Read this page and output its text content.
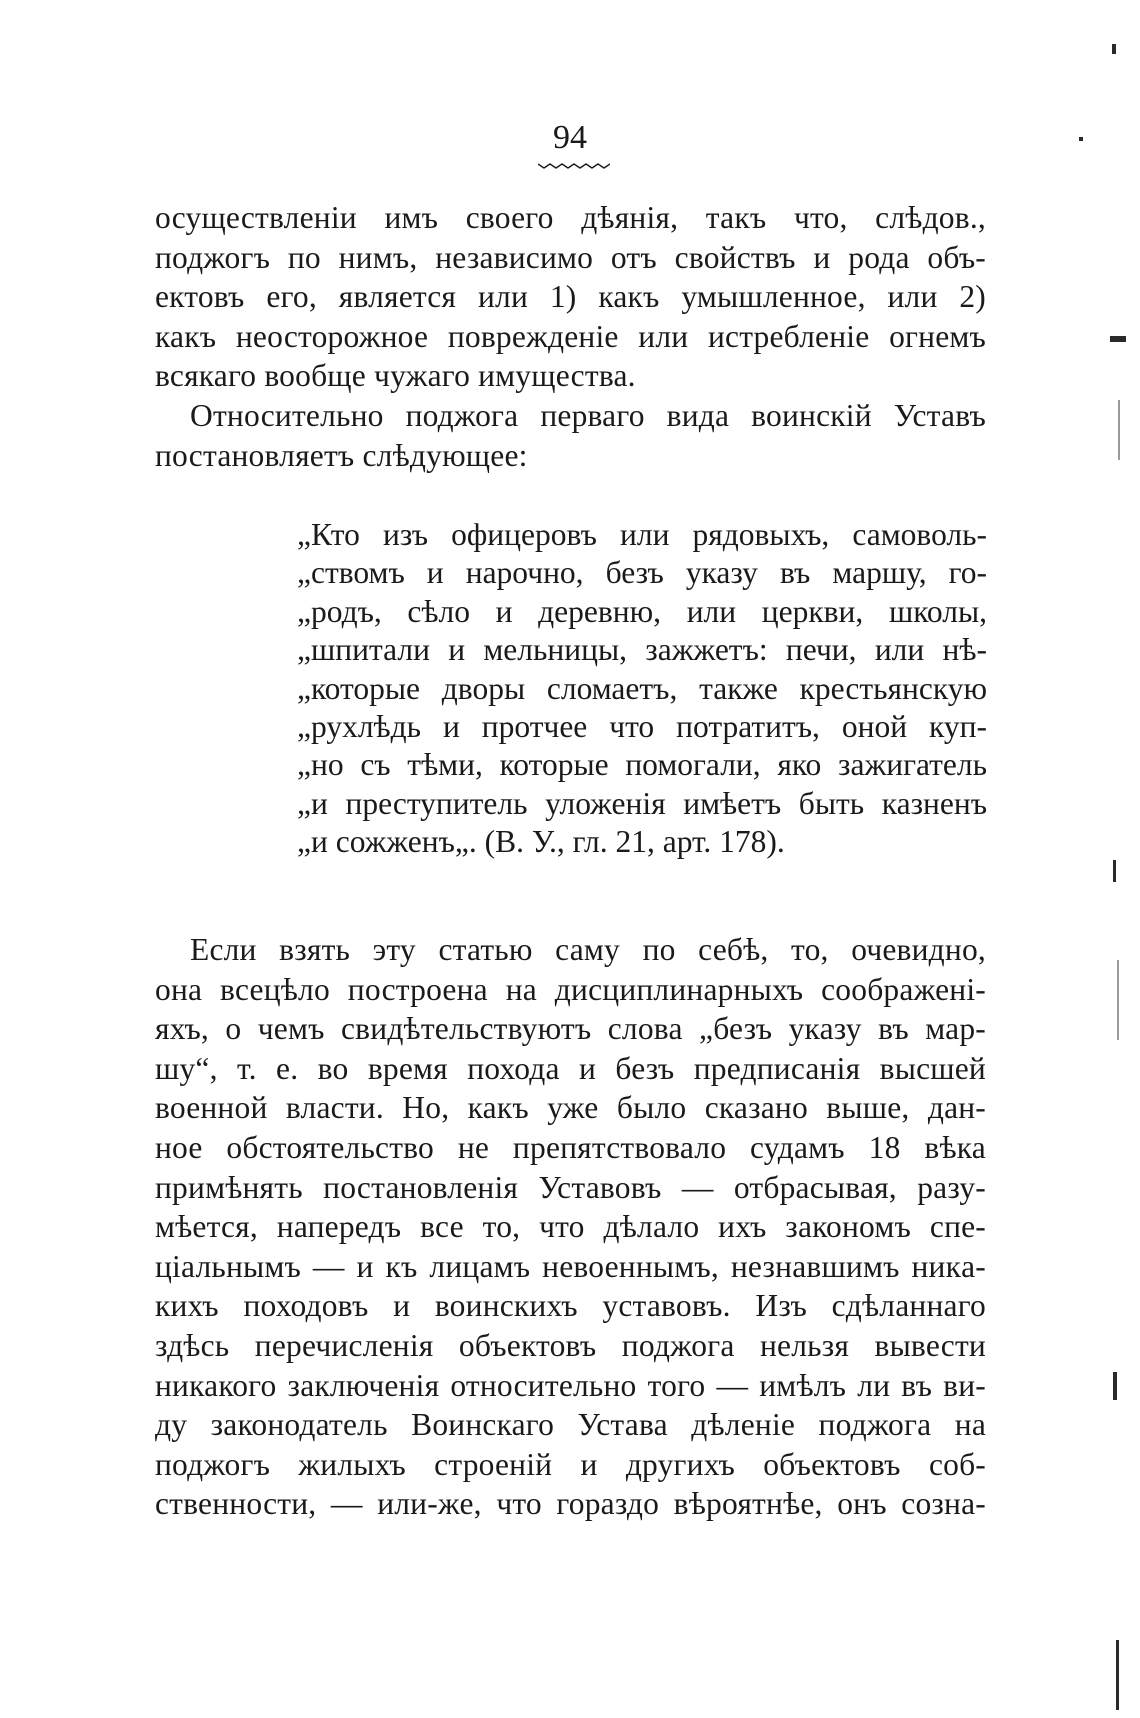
94
осуществленіи имъ своего дѣянія, такъ что, слѣдов.,
поджогъ по нимъ, независимо отъ свойствъ и рода объ-
ектовъ его, является или 1) какъ умышленное, или 2)
какъ неосторожное поврежденіе или истребленіе огнемъ
всякаго вообще чужаго имущества.
Относительно поджога перваго вида воинскій Уставъ
постановляетъ слѣдующее:
„Кто изъ офицеровъ или рядовыхъ, самоволь-
„ствомъ и нарочно, безъ указу въ маршу, го-
„родъ, сѣло и деревню, или церкви, школы,
„шпитали и мельницы, зажжетъ: печи, или нѣ-
„которые дворы сломаетъ, также крестьянскую
„рухлѣдь и протчее что потратитъ, оной куп-
„но съ тѣми, которые помогали, яко зажигатель
„и преступитель уложенія имѣетъ быть казненъ
„и сожженъ„. (В. У., гл. 21, арт. 178).
Если взять эту статью саму по себѣ, то, очевидно,
она всецѣло построена на дисциплинарныхъ соображені-
яхъ, о чемъ свидѣтельствуютъ слова „безъ указу въ мар-
шу“, т. е. во время похода и безъ предписанія высшей
военной власти. Но, какъ уже было сказано выше, дан-
ное обстоятельство не препятствовало судамъ 18 вѣка
примѣнять постановленія Уставовъ — отбрасывая, разу-
мѣется, напередъ все то, что дѣлало ихъ закономъ спе-
ціальнымъ — и къ лицамъ невоеннымъ, незнавшимъ никa-
кихъ походовъ и воинскихъ уставовъ. Изъ сдѣланнаго
здѣсь перечисленія объектовъ поджога нельзя вывести
никакого заключенія относительно того — имѣлъ ли въ ви-
ду законодатель Воинскаго Устава дѣленіе поджога на
поджогъ жилыхъ строеній и другихъ объектовъ соб-
ственности, — или-же, что гораздо вѣроятнѣе, онъ созна-
